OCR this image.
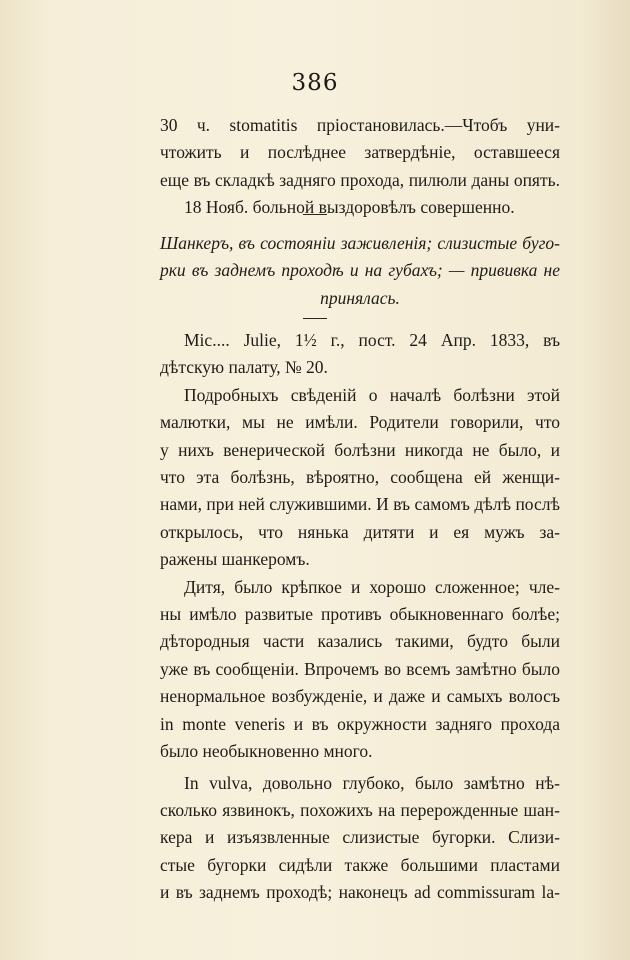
386
30 ч. stomatitis пріостановилась.—Чтобъ уни-
чтожить и послѣднее затвердѣніе, оставшееся
еще въ складкѣ задняго прохода, пилюли даны опять.
18 Нояб. больной выздоровѣлъ совершенно.
Шанкеръ, въ состояніи заживленія; слизистые буго-
рки въ заднемъ проходѣ и на губахъ; — прививка не
принялась.
Mic.... Julie, 1½ г., пост. 24 Апр. 1833, въ
дѣтскую палату, № 20.
Подробныхъ свѣденій о началѣ болѣзни этой
малютки, мы не имѣли. Родители говорили, что
у нихъ венерической болѣзни никогда не было, и
что эта болѣзнь, вѣроятно, сообщена ей женщи-
нами, при ней служившими. И въ самомъ дѣлѣ послѣ
открылось, что нянька дитяти и ея мужъ за-
ражены шанкеромъ.
Дитя, было крѣпкое и хорошо сложенное; чле-
ны имѣло развитые противъ обыкновеннаго болѣе;
дѣтородныя части казались такими, будто были
уже въ сообщеніи. Впрочемъ во всемъ замѣтно было
ненормальное возбужденіе, и даже и самыхъ волосъ
in monte veneris и въ окружности задняго прохода
было необыкновенно много.
In vulva, довольно глубоко, было замѣтно нѣ-
сколько язвинокъ, похожихъ на перерожденные шан-
кера и изъязвленные слизистые бугорки. Слизи-
стые бугорки сидѣли также большими пластами
и въ заднемъ проходѣ; наконецъ ad commissuram la-
